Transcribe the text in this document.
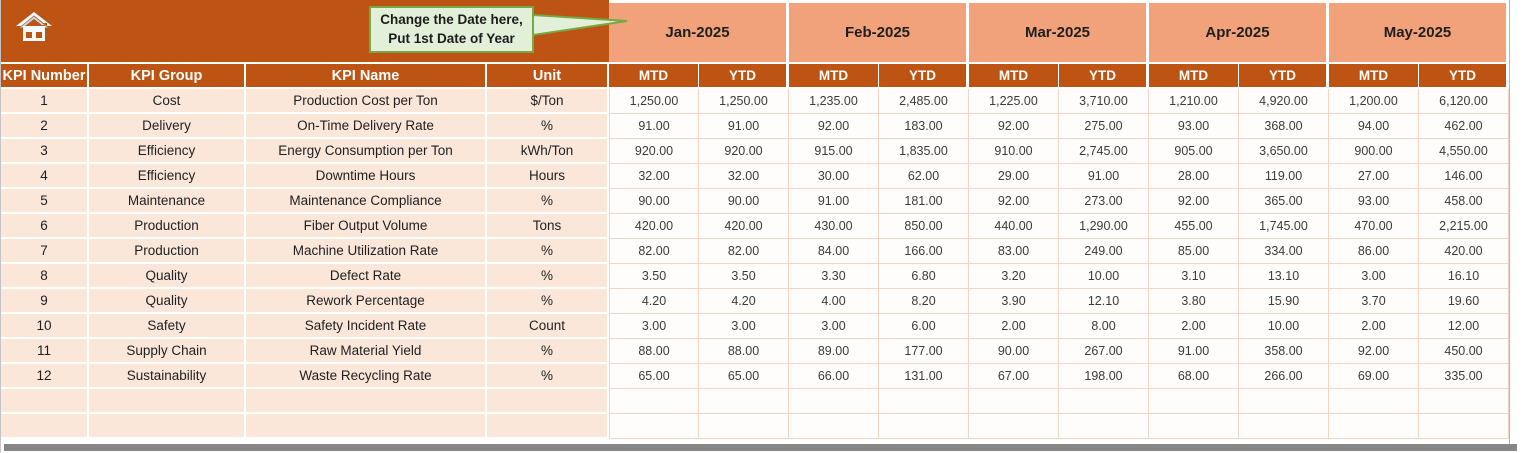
Change the Date here,
Put 1st Date of Year	Jan-2025	Feb-2025	Mar-2025	Apr-2025	May-2025
KPI Number	KPI Group	KPI Name	Unit	MTD	YTD	MTD	YTD	MTD	YTD	MTD	YTD	MTD	YTD
1	Cost	Production Cost per Ton	$/Ton	1,250.00	1,250.00	1,235.00	2,485.00	1,225.00	3,710.00	1,210.00	4,920.00	1,200.00	6,120.00
2	Delivery	On-Time Delivery Rate	%	91.00	91.00	92.00	183.00	92.00	275.00	93.00	368.00	94.00	462.00
3	Efficiency	Energy Consumption per Ton	kWh/Ton	920.00	920.00	915.00	1,835.00	910.00	2,745.00	905.00	3,650.00	900.00	4,550.00
4	Efficiency	Downtime Hours	Hours	32.00	32.00	30.00	62.00	29.00	91.00	28.00	119.00	27.00	146.00
5	Maintenance	Maintenance Compliance	%	90.00	90.00	91.00	181.00	92.00	273.00	92.00	365.00	93.00	458.00
6	Production	Fiber Output Volume	Tons	420.00	420.00	430.00	850.00	440.00	1,290.00	455.00	1,745.00	470.00	2,215.00
7	Production	Machine Utilization Rate	%	82.00	82.00	84.00	166.00	83.00	249.00	85.00	334.00	86.00	420.00
8	Quality	Defect Rate	%	3.50	3.50	3.30	6.80	3.20	10.00	3.10	13.10	3.00	16.10
9	Quality	Rework Percentage	%	4.20	4.20	4.00	8.20	3.90	12.10	3.80	15.90	3.70	19.60
10	Safety	Safety Incident Rate	Count	3.00	3.00	3.00	6.00	2.00	8.00	2.00	10.00	2.00	12.00
11	Supply Chain	Raw Material Yield	%	88.00	88.00	89.00	177.00	90.00	267.00	91.00	358.00	92.00	450.00
12	Sustainability	Waste Recycling Rate	%	65.00	65.00	66.00	131.00	67.00	198.00	68.00	266.00	69.00	335.00
